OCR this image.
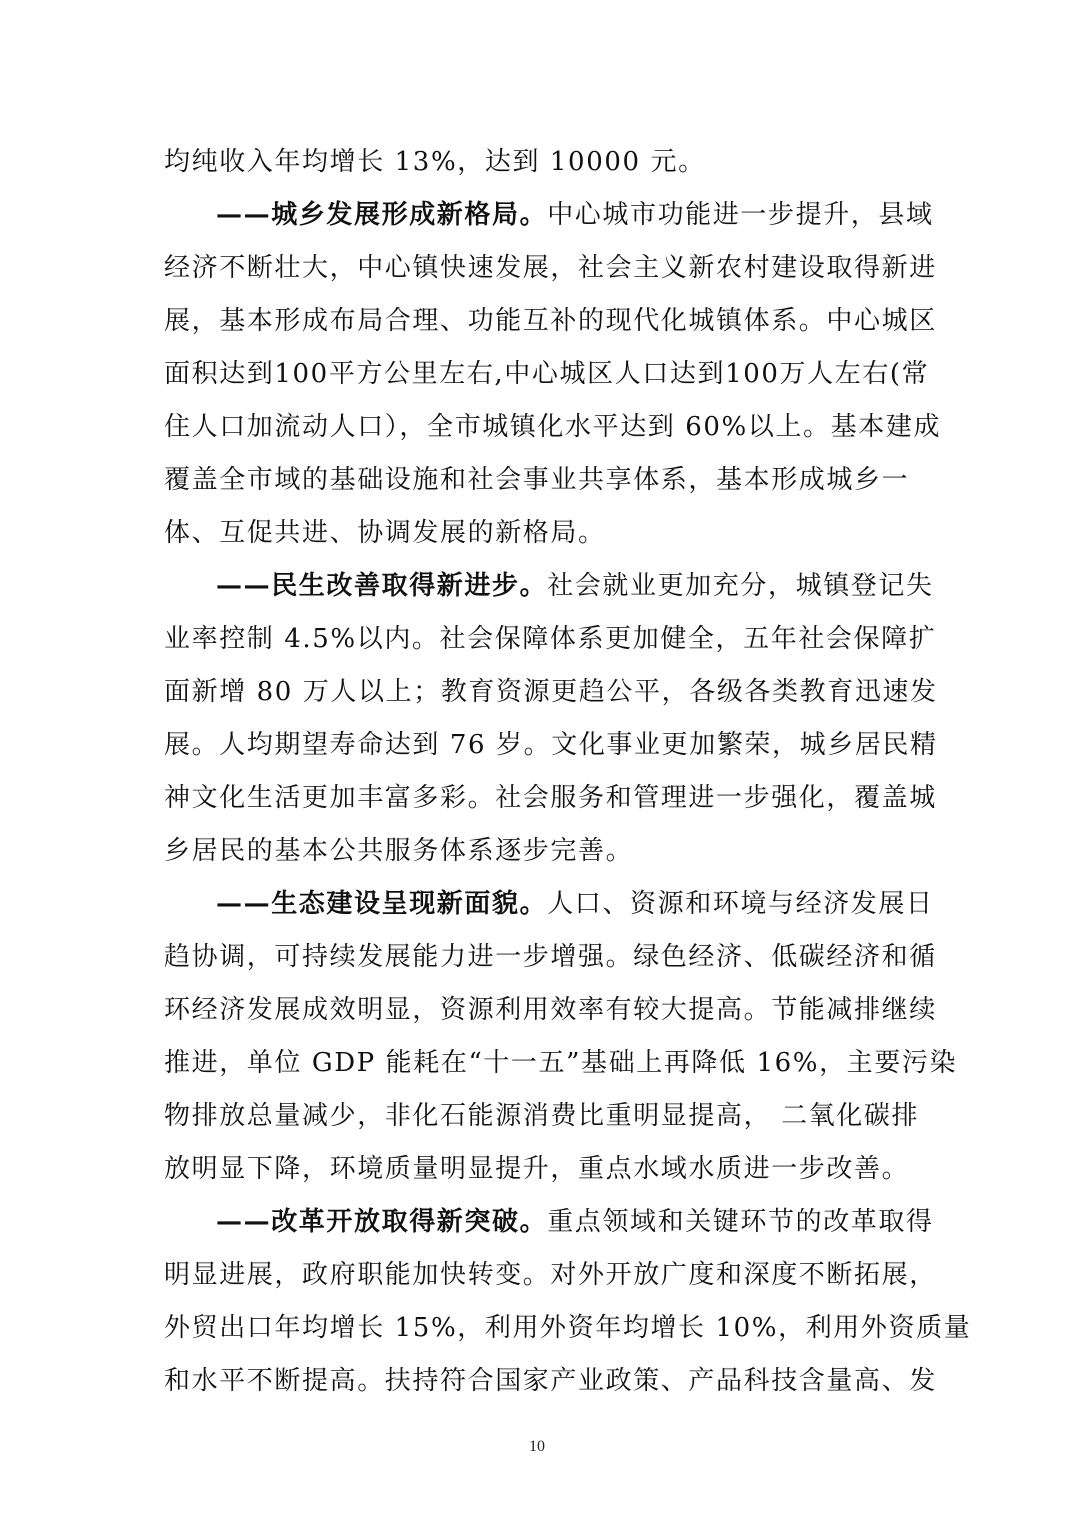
均纯收入年均增长 13%，达到 10000 元。
——城乡发展形成新格局。中心城市功能进一步提升，县域
经济不断壮大，中心镇快速发展，社会主义新农村建设取得新进
展，基本形成布局合理、功能互补的现代化城镇体系。中心城区
面积达到100平方公里左右,中心城区人口达到100万人左右(常
住人口加流动人口），全市城镇化水平达到 60%以上。基本建成
覆盖全市域的基础设施和社会事业共享体系，基本形成城乡一
体、互促共进、协调发展的新格局。
——民生改善取得新进步。社会就业更加充分，城镇登记失
业率控制 4.5%以内。社会保障体系更加健全，五年社会保障扩
面新增 80 万人以上；教育资源更趋公平，各级各类教育迅速发
展。人均期望寿命达到 76 岁。文化事业更加繁荣，城乡居民精
神文化生活更加丰富多彩。社会服务和管理进一步强化，覆盖城
乡居民的基本公共服务体系逐步完善。
——生态建设呈现新面貌。人口、资源和环境与经济发展日
趋协调，可持续发展能力进一步增强。绿色经济、低碳经济和循
环经济发展成效明显，资源利用效率有较大提高。节能减排继续
推进，单位 GDP 能耗在“十一五”基础上再降低 16%，主要污染
物排放总量减少，非化石能源消费比重明显提高， 二氧化碳排
放明显下降，环境质量明显提升，重点水域水质进一步改善。
——改革开放取得新突破。重点领域和关键环节的改革取得
明显进展，政府职能加快转变。对外开放广度和深度不断拓展，
外贸出口年均增长 15%，利用外资年均增长 10%，利用外资质量
和水平不断提高。扶持符合国家产业政策、产品科技含量高、发
10
